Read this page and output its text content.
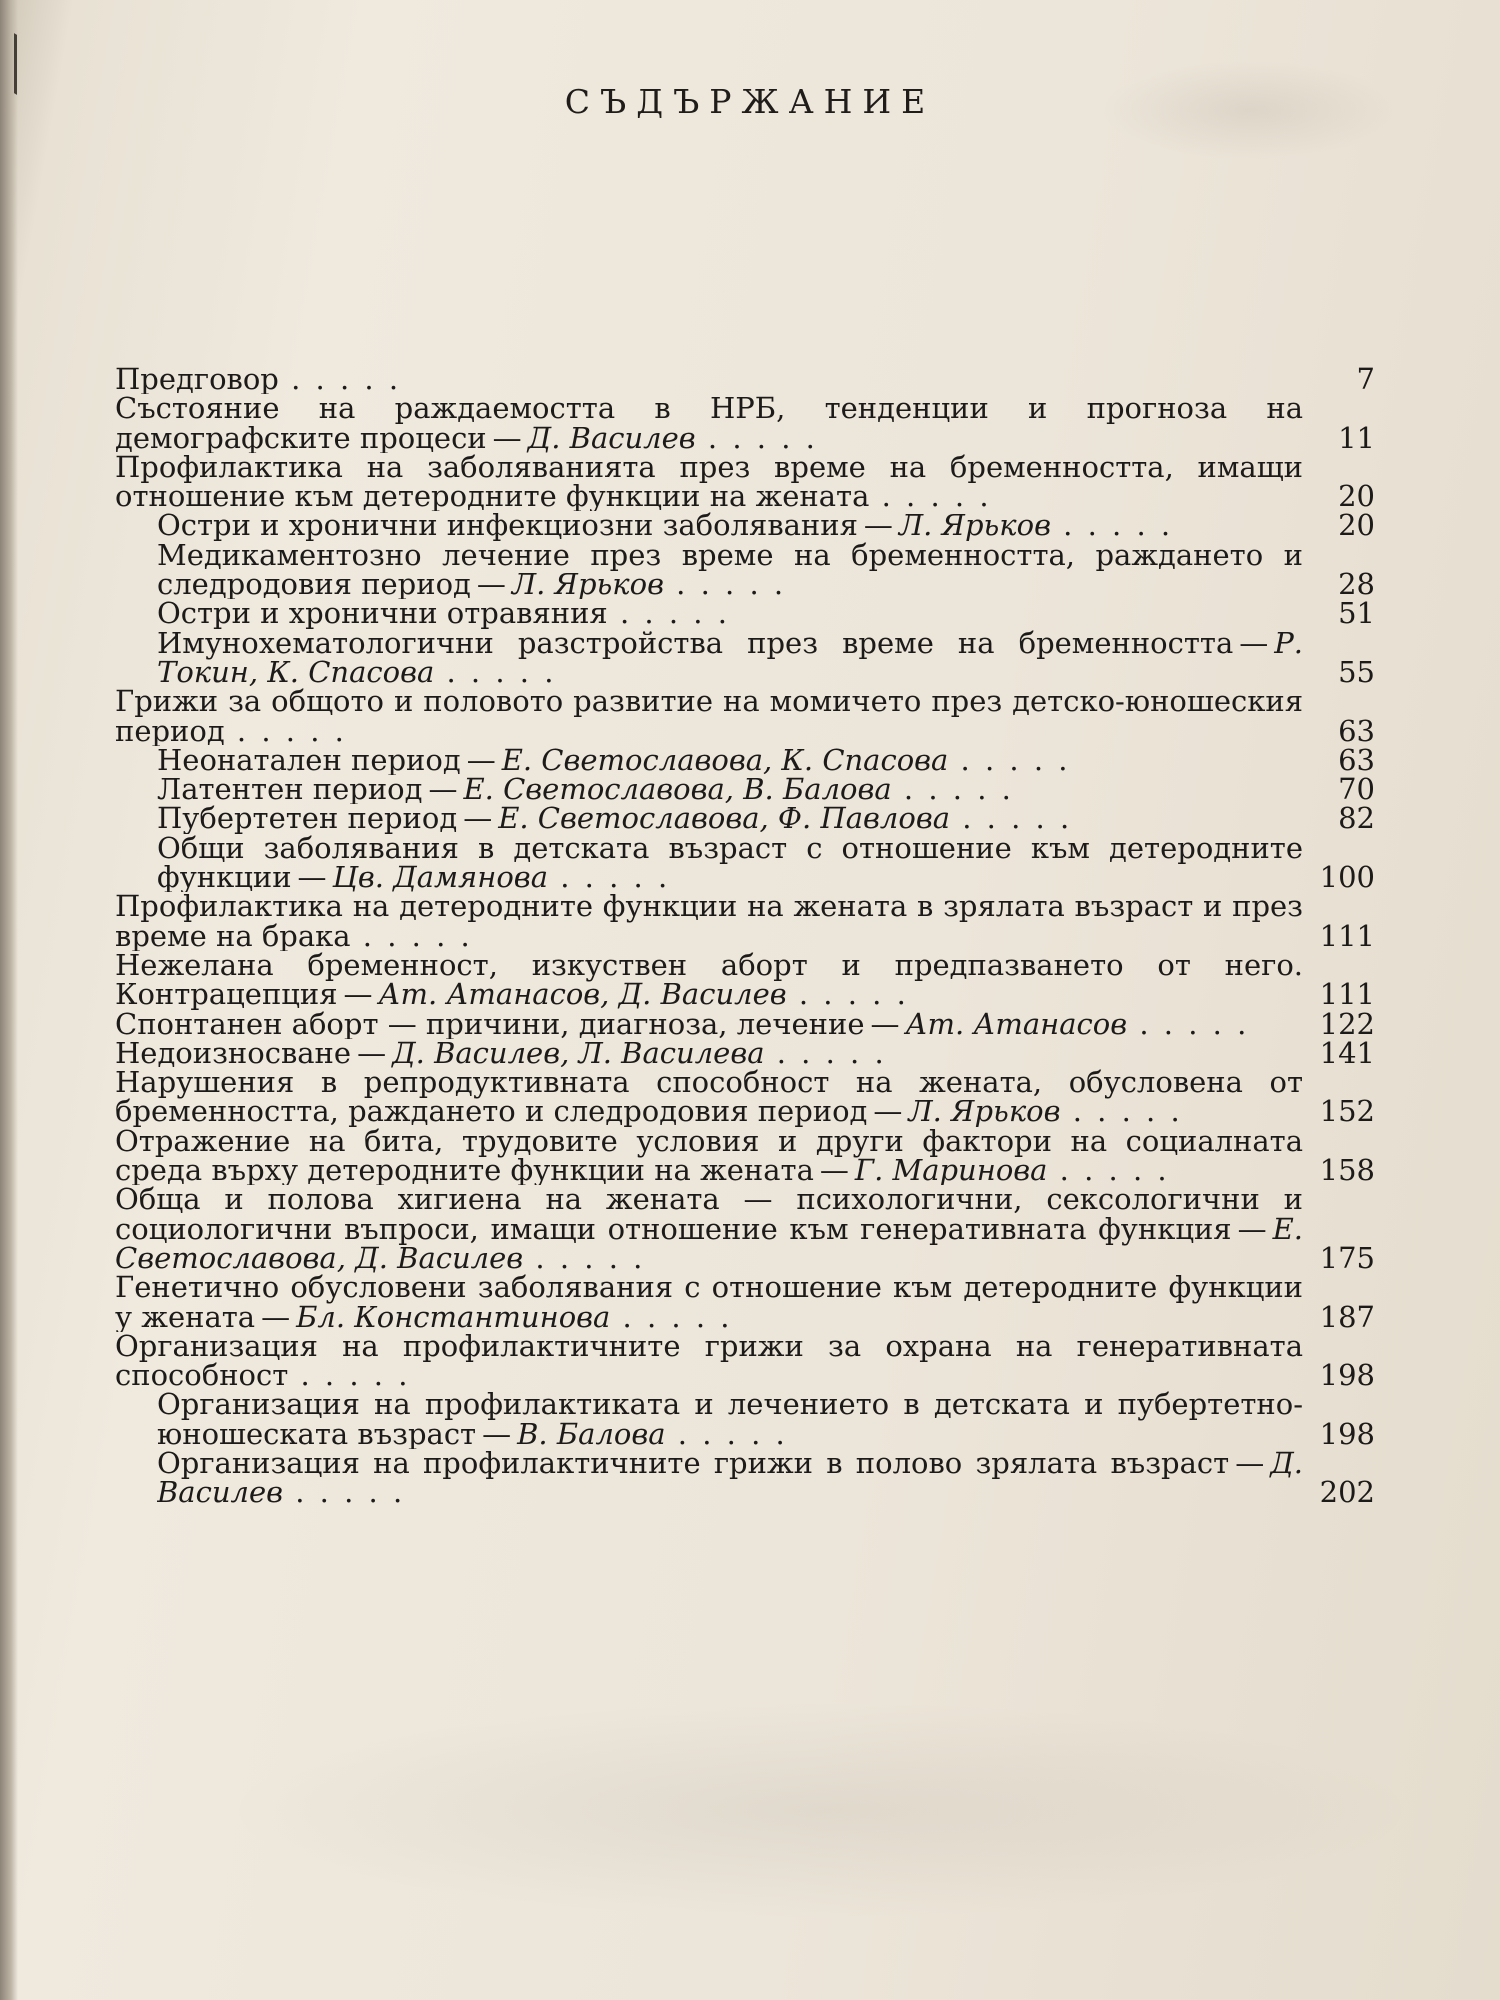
СЪДЪРЖАНИЕ
Предговор . . . . .	7
Състояние на раждаемостта в НРБ, тенденции и прогноза на демографските процеси — Д. Василев . . . . .	11
Профилактика на заболяванията през време на бременността, имащи отношение към детеродните функции на жената . . . . .	20
Остри и хронични инфекциозни заболявания — Л. Ярьков . . . . .	20
Медикаментозно лечение през време на бременността, раждането и следродовия период — Л. Ярьков . . . . .	28
Остри и хронични отравяния . . . . .	51
Имунохематологични разстройства през време на бременността — Р. Токин, К. Спасова . . . . .	55
Грижи за общото и половото развитие на момичето през детско-юношеския период . . . . .	63
Неонатален период — Е. Светославова, К. Спасова . . . . .	63
Латентен период — Е. Светославова, В. Балова . . . . .	70
Пубертетен период — Е. Светославова, Ф. Павлова . . . . .	82
Общи заболявания в детската възраст с отношение към детеродните функции — Цв. Дамянова . . . . .	100
Профилактика на детеродните функции на жената в зрялата възраст и през време на брака . . . . .	111
Нежелана бременност, изкуствен аборт и предпазването от него. Контрацепция — Ат. Атанасов, Д. Василев . . . . .	111
Спонтанен аборт — причини, диагноза, лечение — Ат. Атанасов . . . . .	122
Недоизносване — Д. Василев, Л. Василева . . . . .	141
Нарушения в репродуктивната способност на жената, обусловена от бременността, раждането и следродовия период — Л. Ярьков . . . . .	152
Отражение на бита, трудовите условия и други фактори на социалната среда върху детеродните функции на жената — Г. Маринова . . . . .	158
Обща и полова хигиена на жената — психологични, сексологични и социологични въпроси, имащи отношение към генеративната функция — Е. Светославова, Д. Василев . . . . .	175
Генетично обусловени заболявания с отношение към детеродните функции у жената — Бл. Константинова . . . . .	187
Организация на профилактичните грижи за охрана на генеративната способност . . . . .	198
Организация на профилактиката и лечението в детската и пубертетно-юношеската възраст — В. Балова . . . . .	198
Организация на профилактичните грижи в полово зрялата възраст — Д. Василев . . . . .	202
